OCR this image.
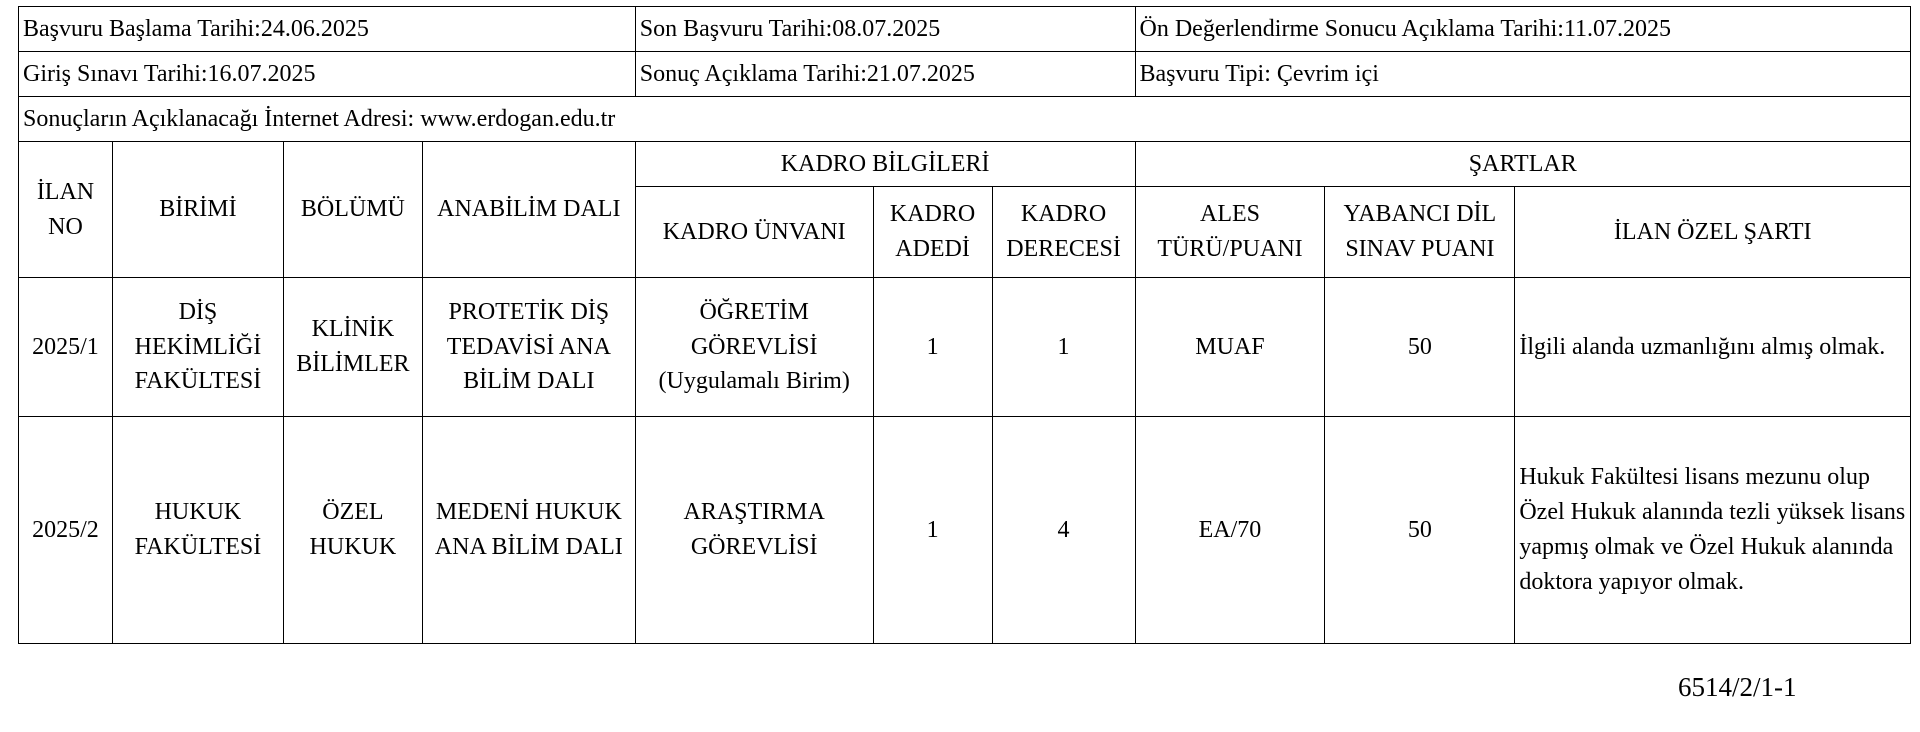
Başvuru Başlama Tarihi:24.06.2025				Son Başvuru Tarihi:08.07.2025			Ön Değerlendirme Sonucu Açıklama Tarihi:11.07.2025		
Giriş Sınavı Tarihi:16.07.2025				Sonuç Açıklama Tarihi:21.07.2025			Başvuru Tipi: Çevrim içi		
Sonuçların Açıklanacağı İnternet Adresi: www.erdogan.edu.tr									
İLAN NO	BİRİMİ	BÖLÜMÜ	ANABİLİM DALI	KADRO BİLGİLERİ			ŞARTLAR		
				KADRO ÜNVANI	KADRO ADEDİ	KADRO DERECESİ	ALES TÜRÜ/PUANI	YABANCI DİL SINAV PUANI	İLAN ÖZEL ŞARTI
2025/1	DİŞ HEKİMLİĞİ FAKÜLTESİ	KLİNİK BİLİMLER	PROTETİK DİŞ TEDAVİSİ ANA BİLİM DALI	ÖĞRETİM GÖREVLİSİ (Uygulamalı Birim)	1	1	MUAF	50	İlgili alanda uzmanlığını almış olmak.
2025/2	HUKUK FAKÜLTESİ	ÖZEL HUKUK	MEDENİ HUKUK ANA BİLİM DALI	ARAŞTIRMA GÖREVLİSİ	1	4	EA/70	50	Hukuk Fakültesi lisans mezunu olup Özel Hukuk alanında tezli yüksek lisans yapmış olmak ve Özel Hukuk alanında doktora yapıyor olmak.
6514/2/1-1
